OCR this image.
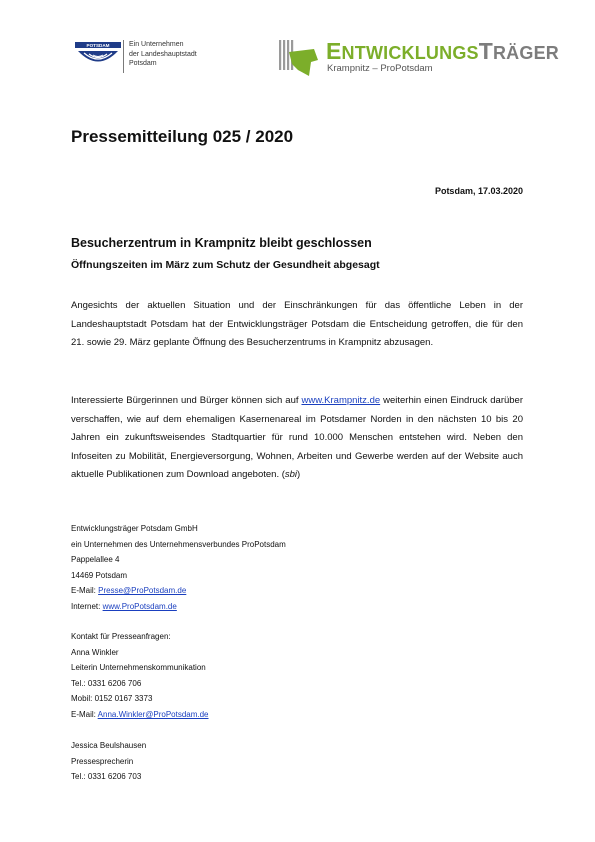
POTSDAM	Ein Unternehmen
der Landeshauptstadt
Potsdam	ENTWICKLUNGSTRÄGER
Krampnitz – ProPotsdam
Pressemitteilung 025 / 2020
Potsdam, 17.03.2020
Besucherzentrum in Krampnitz bleibt geschlossen
Öffnungszeiten im März zum Schutz der Gesundheit abgesagt

Angesichts der aktuellen Situation und der Einschränkungen für das öffentliche Leben in der Landeshauptstadt Potsdam hat der Entwicklungsträger Potsdam die Entscheidung getroffen, die für den 21. sowie 29. März geplante Öffnung des Besucherzentrums in Krampnitz abzusagen.

Interessierte Bürgerinnen und Bürger können sich auf www.Krampnitz.de weiterhin einen Eindruck darüber verschaffen, wie auf dem ehemaligen Kasernenareal im Potsdamer Norden in den nächsten 10 bis 20 Jahren ein zukunftsweisendes Stadtquartier für rund 10.000 Menschen entstehen wird. Neben den Infoseiten zu Mobilität, Energieversorgung, Wohnen, Arbeiten und Gewerbe werden auf der Website auch aktuelle Publikationen zum Download angeboten. (sbi)

Entwicklungsträger Potsdam GmbH
ein Unternehmen des Unternehmensverbundes ProPotsdam
Pappelallee 4
14469 Potsdam
E-Mail: Presse@ProPotsdam.de
Internet: www.ProPotsdam.de
Kontakt für Presseanfragen:
Anna Winkler
Leiterin Unternehmenskommunikation
Tel.: 0331 6206 706
Mobil: 0152 0167 3373
E-Mail: Anna.Winkler@ProPotsdam.de
Jessica Beulshausen
Pressesprecherin
Tel.: 0331 6206 703
